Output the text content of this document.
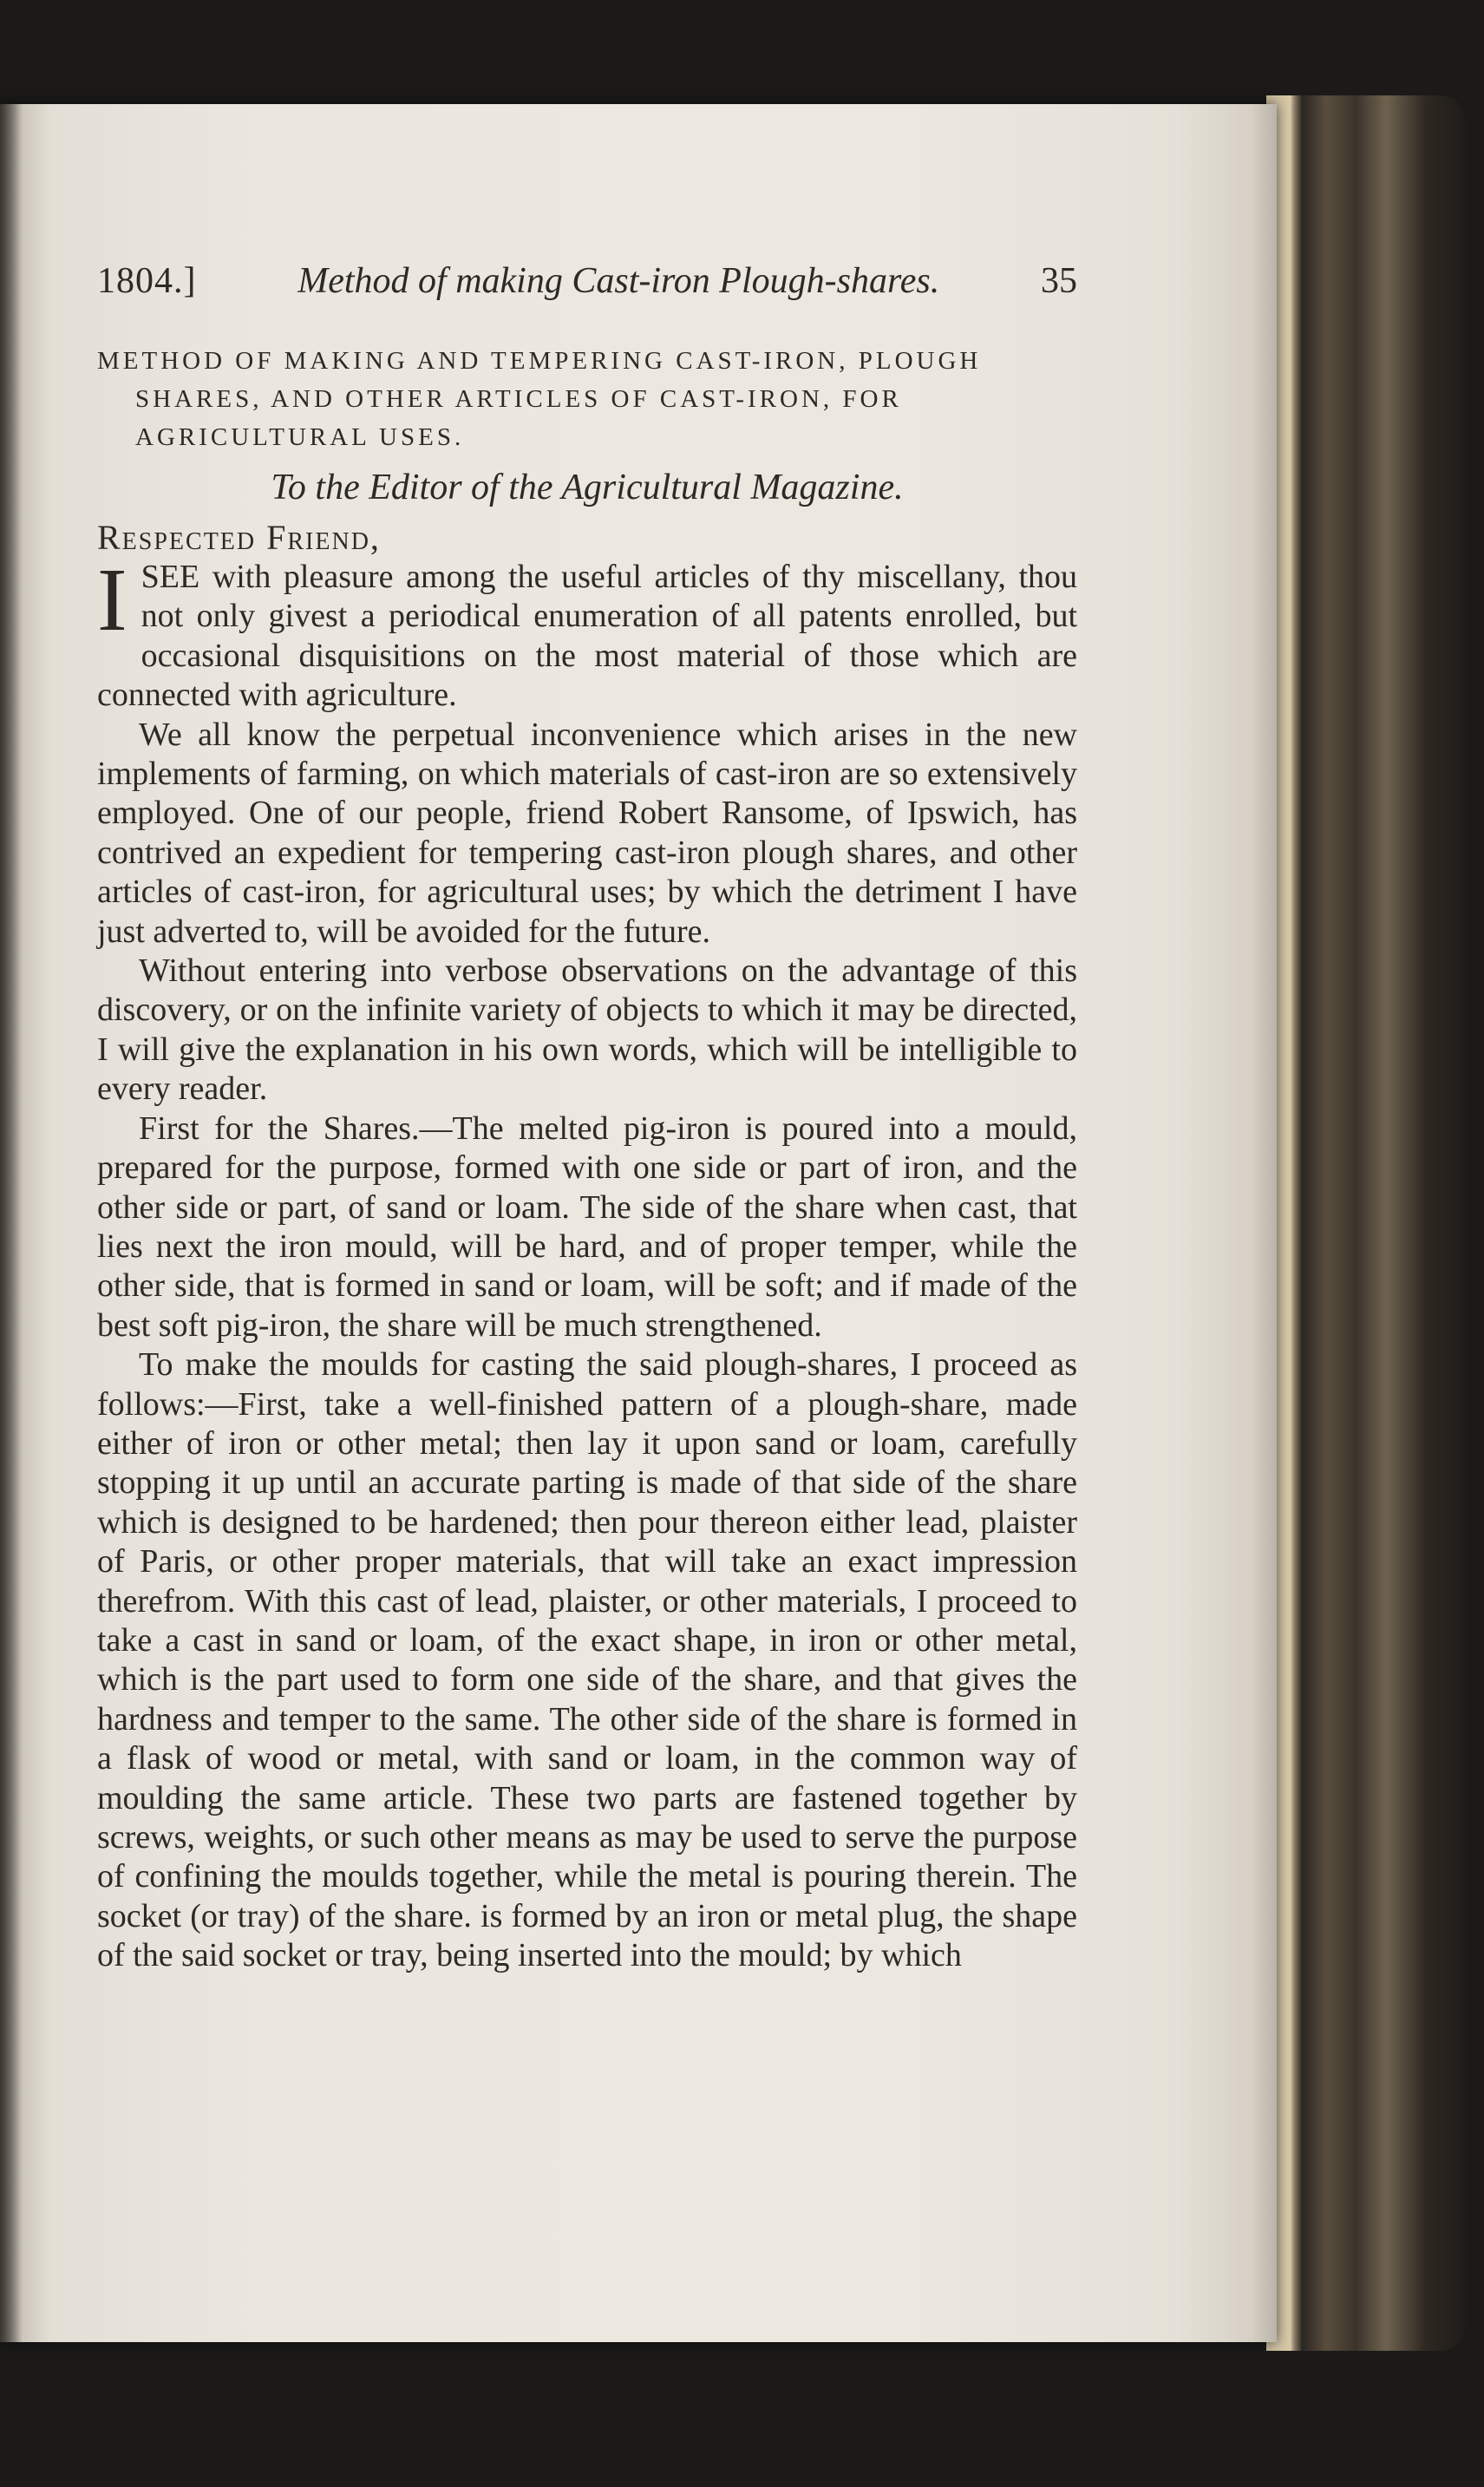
1804.]	Method of making Cast-iron Plough-shares.	35
METHOD OF MAKING AND TEMPERING CAST-IRON, PLOUGH
SHARES, AND OTHER ARTICLES OF CAST-IRON, FOR
AGRICULTURAL USES.
To the Editor of the Agricultural Magazine.
Respected Friend,

ISEE with pleasure among the useful articles of thy miscellany, thou not only givest a periodical enumeration of all patents enrolled, but occasional disquisitions on the most material of those which are connected with agriculture.

We all know the perpetual inconvenience which arises in the new implements of farming, on which materials of cast-iron are so extensively employed. One of our people, friend Robert Ransome, of Ipswich, has contrived an expedient for tempering cast-iron plough shares, and other articles of cast-iron, for agricultural uses; by which the detriment I have just adverted to, will be avoided for the future.

Without entering into verbose observations on the advantage of this discovery, or on the infinite variety of objects to which it may be directed, I will give the explanation in his own words, which will be intelligible to every reader.

First for the Shares.—The melted pig-iron is poured into a mould, prepared for the purpose, formed with one side or part of iron, and the other side or part, of sand or loam. The side of the share when cast, that lies next the iron mould, will be hard, and of proper temper, while the other side, that is formed in sand or loam, will be soft; and if made of the best soft pig-iron, the share will be much strengthened.

To make the moulds for casting the said plough-shares, I proceed as follows:—First, take a well-finished pattern of a plough-share, made either of iron or other metal; then lay it upon sand or loam, carefully stopping it up until an accurate parting is made of that side of the share which is designed to be hardened; then pour thereon either lead, plaister of Paris, or other proper materials, that will take an exact impression therefrom. With this cast of lead, plaister, or other materials, I proceed to take a cast in sand or loam, of the exact shape, in iron or other metal, which is the part used to form one side of the share, and that gives the hardness and temper to the same. The other side of the share is formed in a flask of wood or metal, with sand or loam, in the common way of moulding the same article. These two parts are fastened together by screws, weights, or such other means as may be used to serve the purpose of confining the moulds together, while the metal is pouring therein. The socket (or tray) of the share. is formed by an iron or metal plug, the shape of the said socket or tray, being inserted into the mould; by which
